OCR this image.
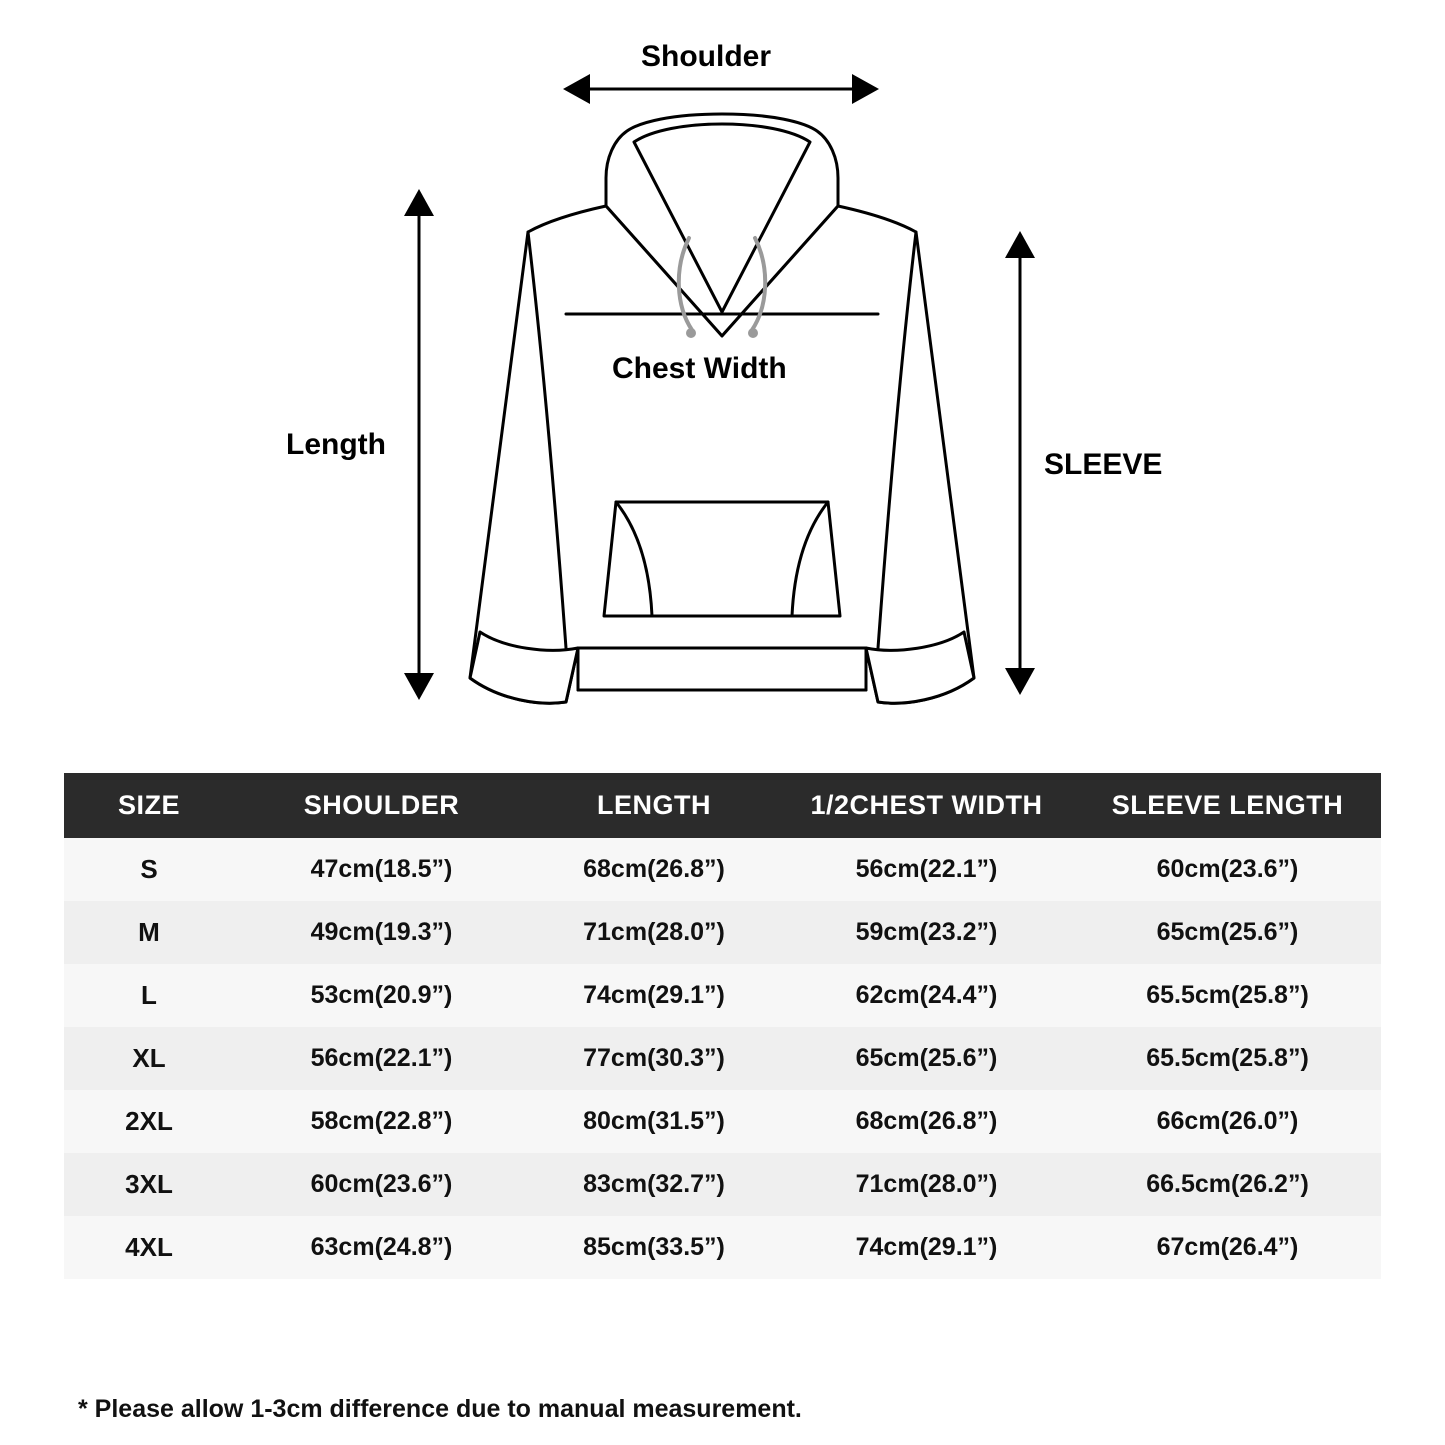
Shoulder
Chest Width
Length
SLEEVE
SIZE	SHOULDER	LENGTH	1/2CHEST WIDTH	SLEEVE LENGTH
S	47cm(18.5”)	68cm(26.8”)	56cm(22.1”)	60cm(23.6”)
M	49cm(19.3”)	71cm(28.0”)	59cm(23.2”)	65cm(25.6”)
L	53cm(20.9”)	74cm(29.1”)	62cm(24.4”)	65.5cm(25.8”)
XL	56cm(22.1”)	77cm(30.3”)	65cm(25.6”)	65.5cm(25.8”)
2XL	58cm(22.8”)	80cm(31.5”)	68cm(26.8”)	66cm(26.0”)
3XL	60cm(23.6”)	83cm(32.7”)	71cm(28.0”)	66.5cm(26.2”)
4XL	63cm(24.8”)	85cm(33.5”)	74cm(29.1”)	67cm(26.4”)
* Please allow 1-3cm difference due to manual measurement.
